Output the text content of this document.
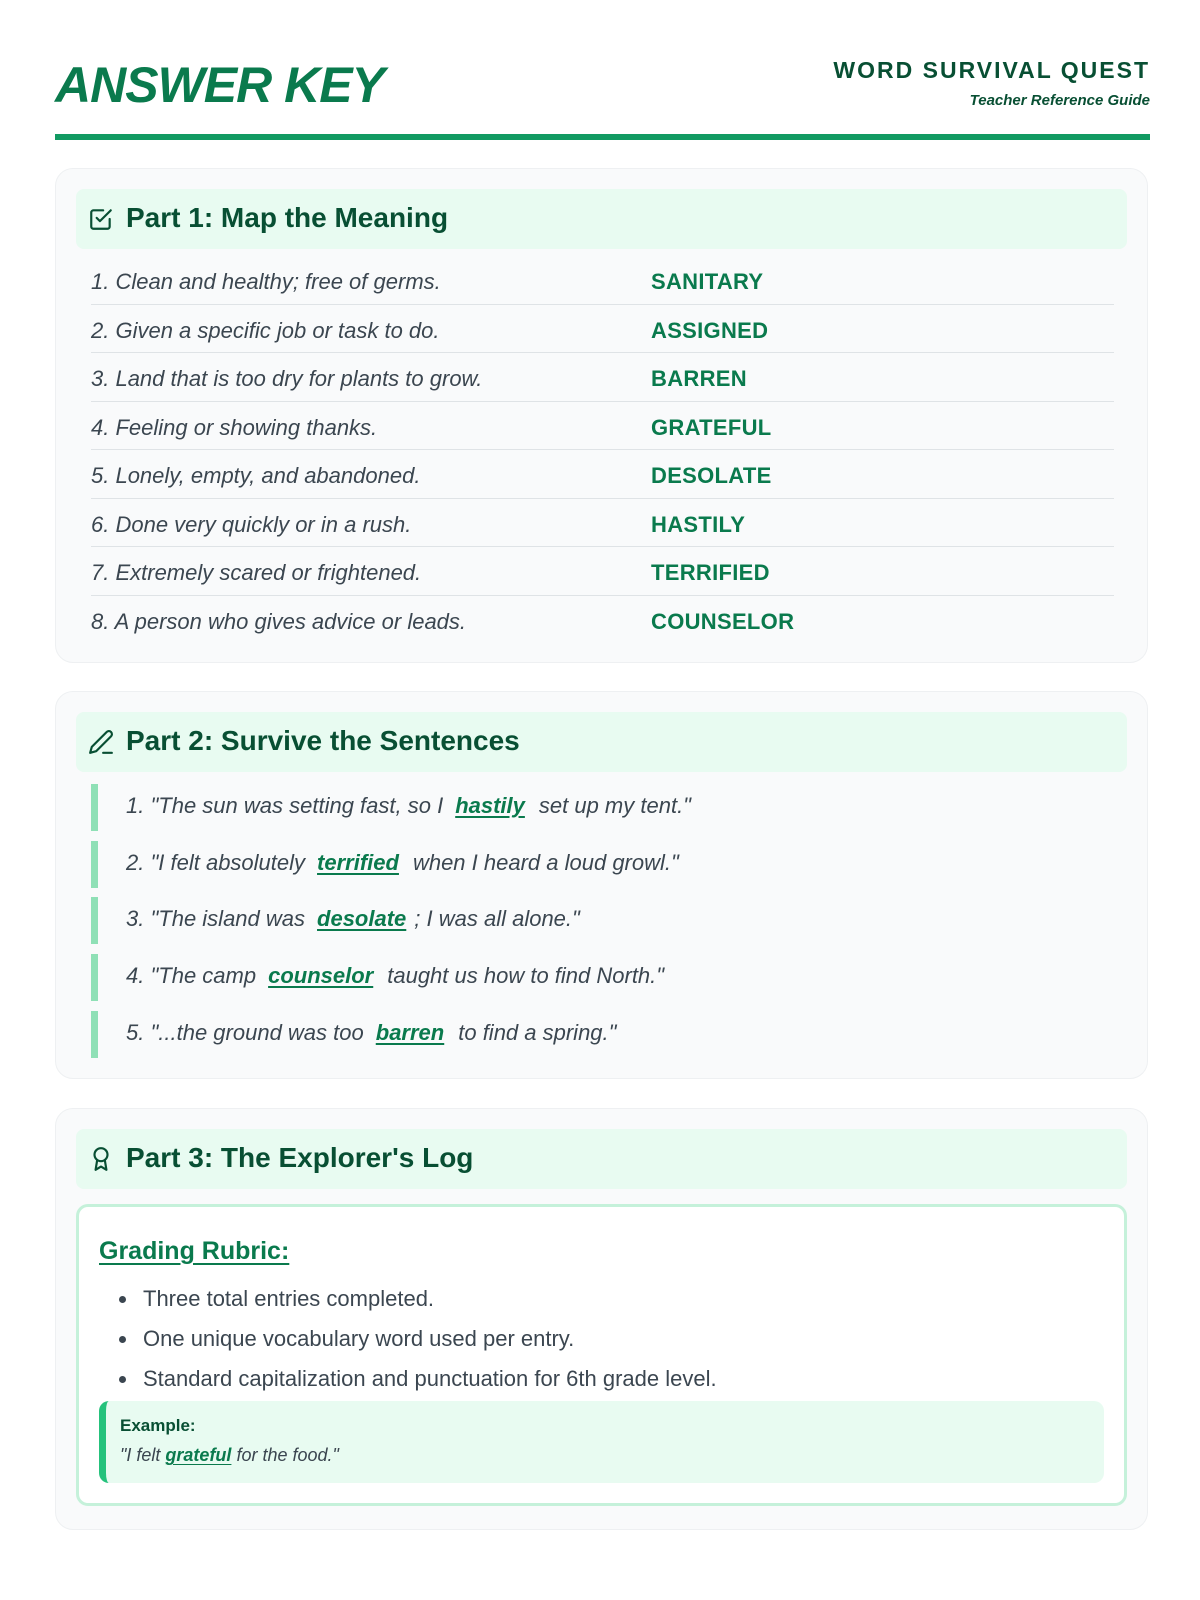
ANSWER KEY	WORD SURVIVAL QUEST
Teacher Reference Guide
Part 1: Map the Meaning
1. Clean and healthy; free of germs.	SANITARY
2. Given a specific job or task to do.	ASSIGNED
3. Land that is too dry for plants to grow.	BARREN
4. Feeling or showing thanks.	GRATEFUL
5. Lonely, empty, and abandoned.	DESOLATE
6. Done very quickly or in a rush.	HASTILY
7. Extremely scared or frightened.	TERRIFIED
8. A person who gives advice or leads.	COUNSELOR
Part 2: Survive the Sentences
1. "The sun was setting fast, so I hastily set up my tent."
2. "I felt absolutely terrified when I heard a loud growl."
3. "The island was desolate ; I was all alone."
4. "The camp counselor taught us how to find North."
5. "...the ground was too barren to find a spring."
Part 3: The Explorer's Log
Grading Rubric:
• Three total entries completed.
• One unique vocabulary word used per entry.
• Standard capitalization and punctuation for 6th grade level.
Example:
"I felt grateful for the food."
